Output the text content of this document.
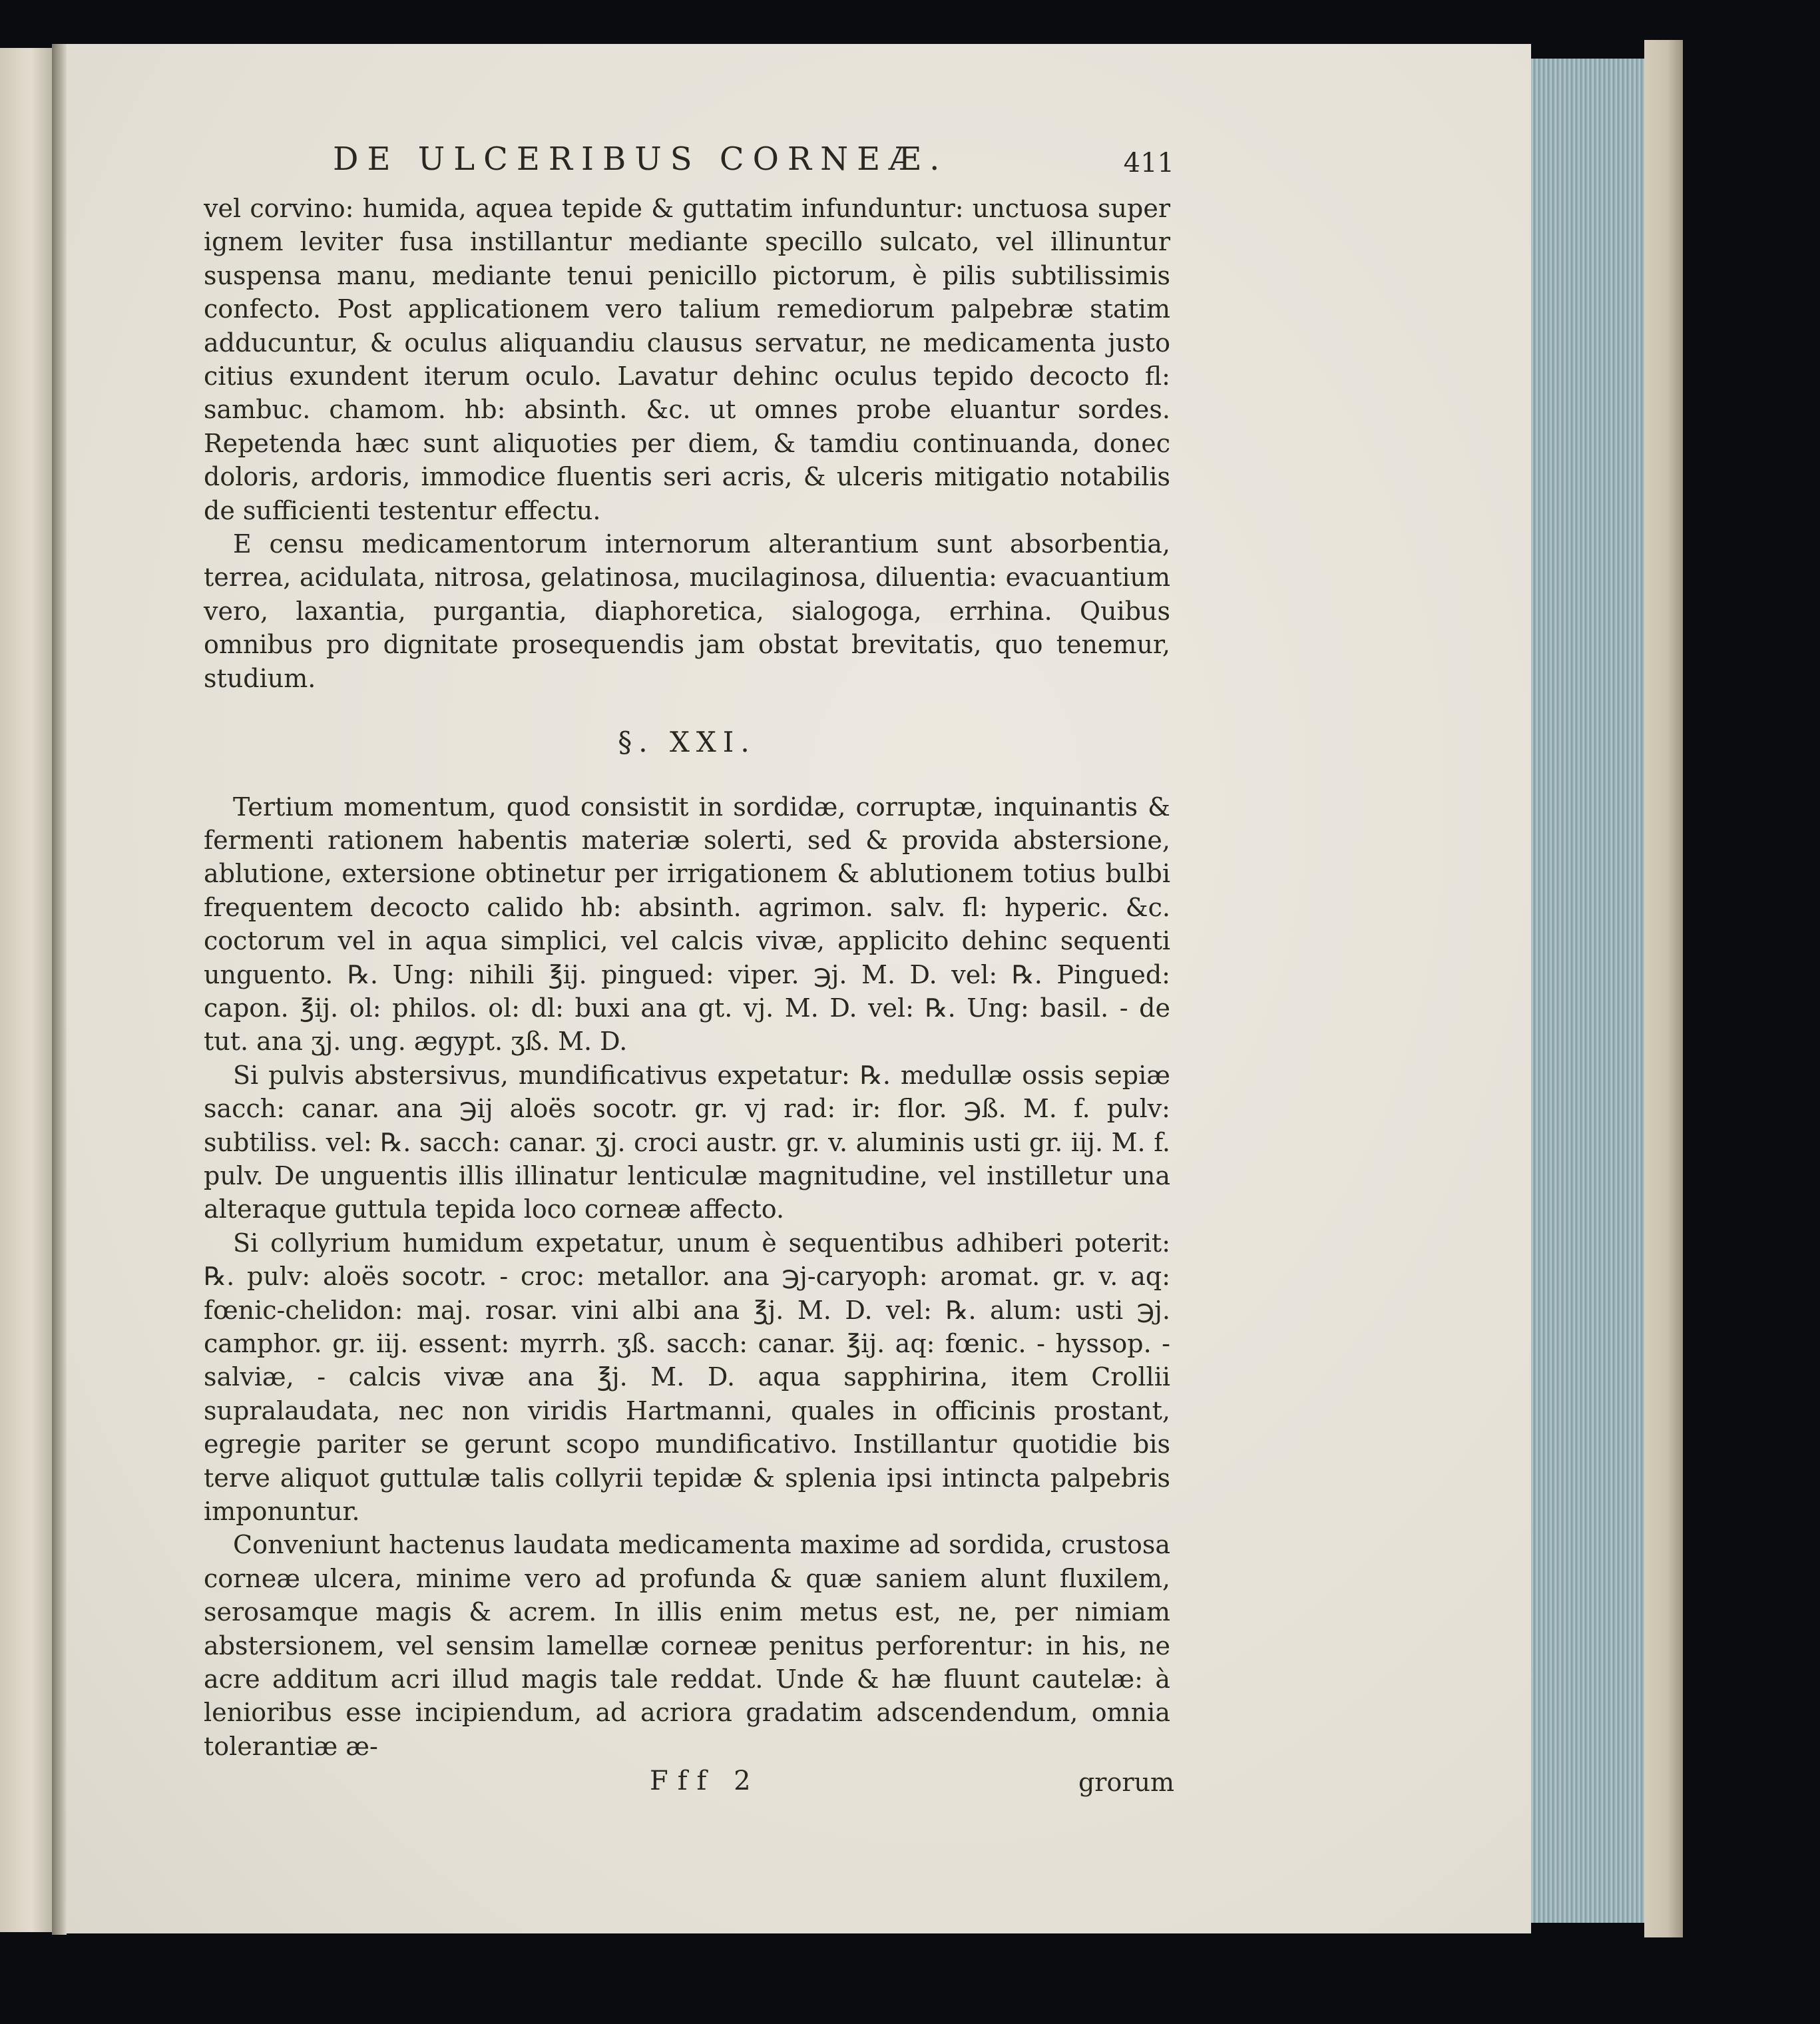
DE ULCERIBUS CORNEÆ.	411

vel corvino: humida, aquea tepide & guttatim infunduntur: unctuosa super ignem leviter fusa instillantur mediante specillo sulcato, vel illinuntur suspensa manu, mediante tenui penicillo pictorum, è pilis subtilissimis confecto. Post applicationem vero talium remediorum palpebræ statim adducuntur, & oculus aliquandiu clausus servatur, ne medicamenta justo citius exundent iterum oculo. Lavatur dehinc oculus tepido decocto fl: sambuc. chamom. hb: absinth. &c. ut omnes probe eluantur sordes. Repetenda hæc sunt aliquoties per diem, & tamdiu continuanda, donec doloris, ardoris, immodice fluentis seri acris, & ulceris mitigatio notabilis de sufficienti testentur effectu.

E censu medicamentorum internorum alterantium sunt absorbentia, terrea, acidulata, nitrosa, gelatinosa, mucilaginosa, diluentia: evacuantium vero, laxantia, purgantia, diaphoretica, sialogoga, errhina. Quibus omnibus pro dignitate prosequendis jam obstat brevitatis, quo tenemur, studium.

§. XXI.

Tertium momentum, quod consistit in sordidæ, corruptæ, inquinantis & fermenti rationem habentis materiæ solerti, sed & provida abstersione, ablutione, extersione obtinetur per irrigationem & ablutionem totius bulbi frequentem decocto calido hb: absinth. agrimon. salv. fl: hyperic. &c. coctorum vel in aqua simplici, vel calcis vivæ, applicito dehinc sequenti unguento. ℞. Ung: nihili ℥ij. pingued: viper. ℈j. M. D. vel: ℞. Pingued: capon. ℥ij. ol: philos. ol: dl: buxi ana gt. vj. M. D. vel: ℞. Ung: basil. - de tut. ana ʒj. ung. ægypt. ʒß. M. D.

Si pulvis abstersivus, mundificativus expetatur: ℞. medullæ ossis sepiæ sacch: canar. ana ℈ij aloës socotr. gr. vj rad: ir: flor. ℈ß. M. f. pulv: subtiliss. vel: ℞. sacch: canar. ʒj. croci austr. gr. v. aluminis usti gr. iij. M. f. pulv. De unguentis illis illinatur lenticulæ magnitudine, vel instilletur una alteraque guttula tepida loco corneæ affecto.

Si collyrium humidum expetatur, unum è sequentibus adhiberi poterit: ℞. pulv: aloës socotr. - croc: metallor. ana ℈j-caryoph: aromat. gr. v. aq: fœnic-chelidon: maj. rosar. vini albi ana ℥j. M. D. vel: ℞. alum: usti ℈j. camphor. gr. iij. essent: myrrh. ʒß. sacch: canar. ℥ij. aq: fœnic. - hyssop. - salviæ, - calcis vivæ ana ℥j. M. D. aqua sapphirina, item Crollii supralaudata, nec non viridis Hartmanni, quales in officinis prostant, egregie pariter se gerunt scopo mundificativo. Instillantur quotidie bis terve aliquot guttulæ talis collyrii tepidæ & splenia ipsi intincta palpebris imponuntur.

Conveniunt hactenus laudata medicamenta maxime ad sordida, crustosa corneæ ulcera, minime vero ad profunda & quæ saniem alunt fluxilem, serosamque magis & acrem. In illis enim metus est, ne, per nimiam abstersionem, vel sensim lamellæ corneæ penitus perforentur: in his, ne acre additum acri illud magis tale reddat. Unde & hæ fluunt cautelæ: à lenioribus esse incipiendum, ad acriora gradatim adscendendum, omnia tolerantiæ æ-

Fff 2	grorum
